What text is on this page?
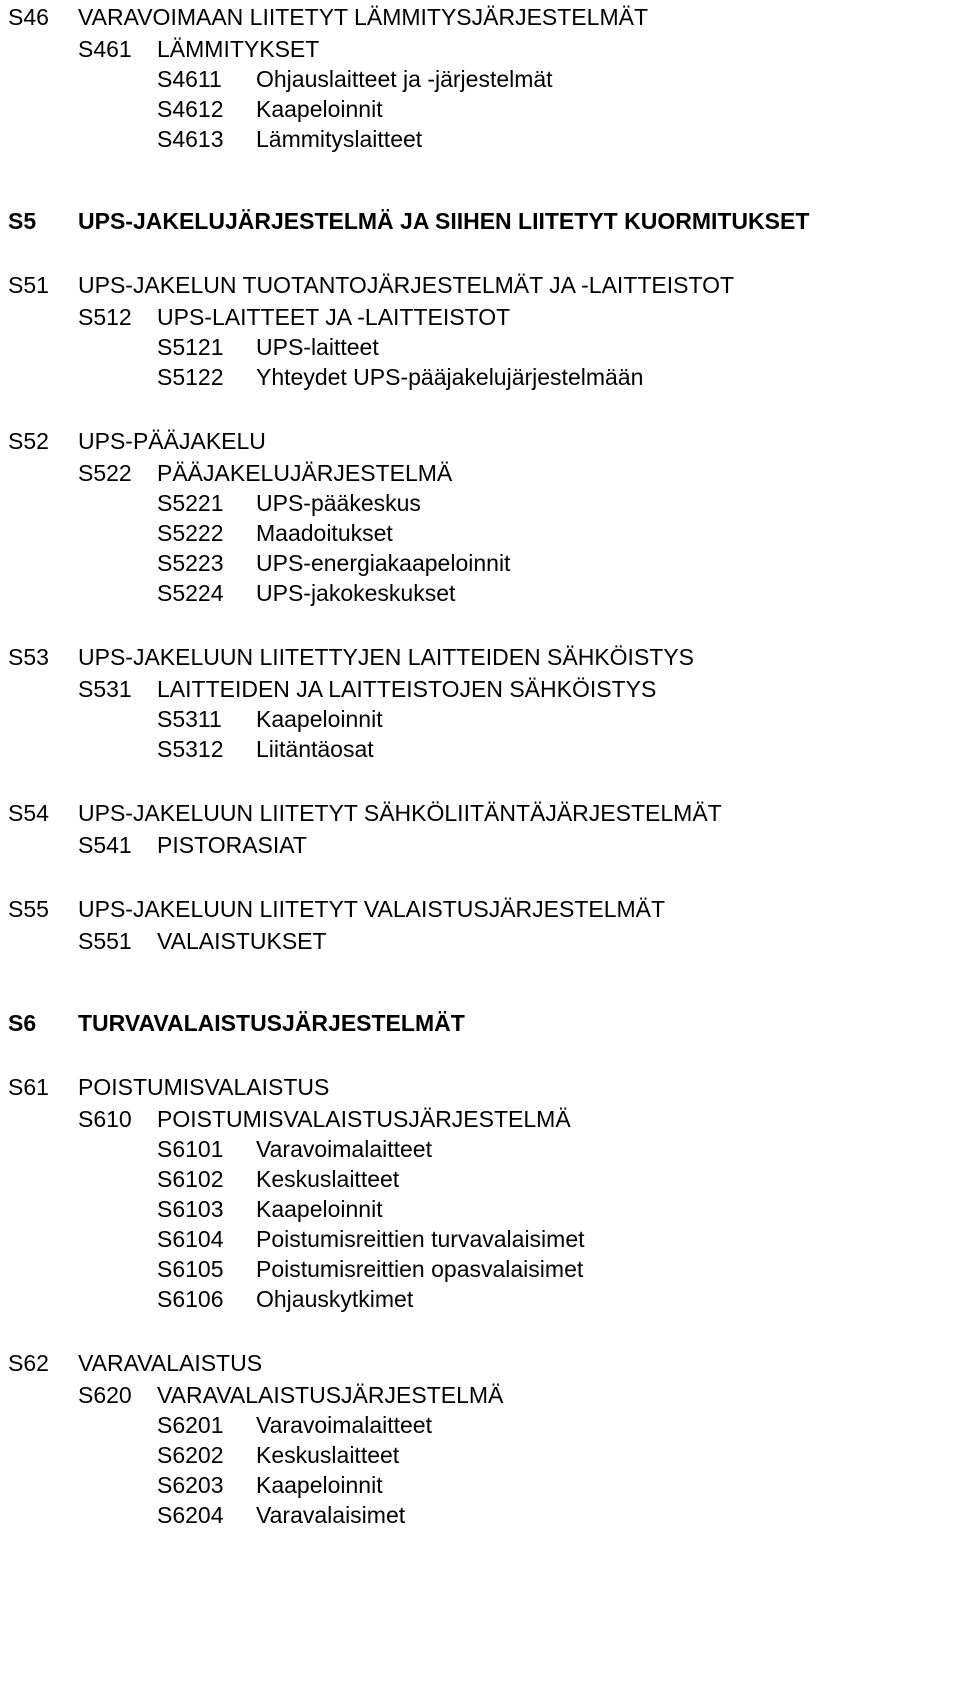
S46 VARAVOIMAAN LIITETYT LÄMMITYSJÄRJESTELMÄT
S461 LÄMMITYKSET
S4611 Ohjauslaitteet ja -järjestelmät
S4612 Kaapeloinnit
S4613 Lämmityslaitteet
S5 UPS-JAKELUJÄRJESTELMÄ JA SIIHEN LIITETYT KUORMITUKSET
S51 UPS-JAKELUN TUOTANTOJÄRJESTELMÄT JA -LAITTEISTOT
S512 UPS-LAITTEET JA -LAITTEISTOT
S5121 UPS-laitteet
S5122 Yhteydet UPS-pääjakelujärjestelmään
S52 UPS-PÄÄJAKELU
S522 PÄÄJAKELUJÄRJESTELMÄ
S5221 UPS-pääkeskus
S5222 Maadoitukset
S5223 UPS-energiakaapeloinnit
S5224 UPS-jakokeskukset
S53 UPS-JAKELUUN LIITETTYJEN LAITTEIDEN SÄHKÖISTYS
S531 LAITTEIDEN JA LAITTEISTOJEN SÄHKÖISTYS
S5311 Kaapeloinnit
S5312 Liitäntäosat
S54 UPS-JAKELUUN LIITETYT SÄHKÖLIITÄNTÄJÄRJESTELMÄT
S541 PISTORASIAT
S55 UPS-JAKELUUN LIITETYT VALAISTUSJÄRJESTELMÄT
S551 VALAISTUKSET
S6 TURVAVALAISTUSJÄRJESTELMÄT
S61 POISTUMISVALAISTUS
S610 POISTUMISVALAISTUSJÄRJESTELMÄ
S6101 Varavoimalaitteet
S6102 Keskuslaitteet
S6103 Kaapeloinnit
S6104 Poistumisreittien turvavalaisimet
S6105 Poistumisreittien opasvalaisimet
S6106 Ohjauskytkimet
S62 VARAVALAISTUS
S620 VARAVALAISTUSJÄRJESTELMÄ
S6201 Varavoimalaitteet
S6202 Keskuslaitteet
S6203 Kaapeloinnit
S6204 Varavalaisimet
